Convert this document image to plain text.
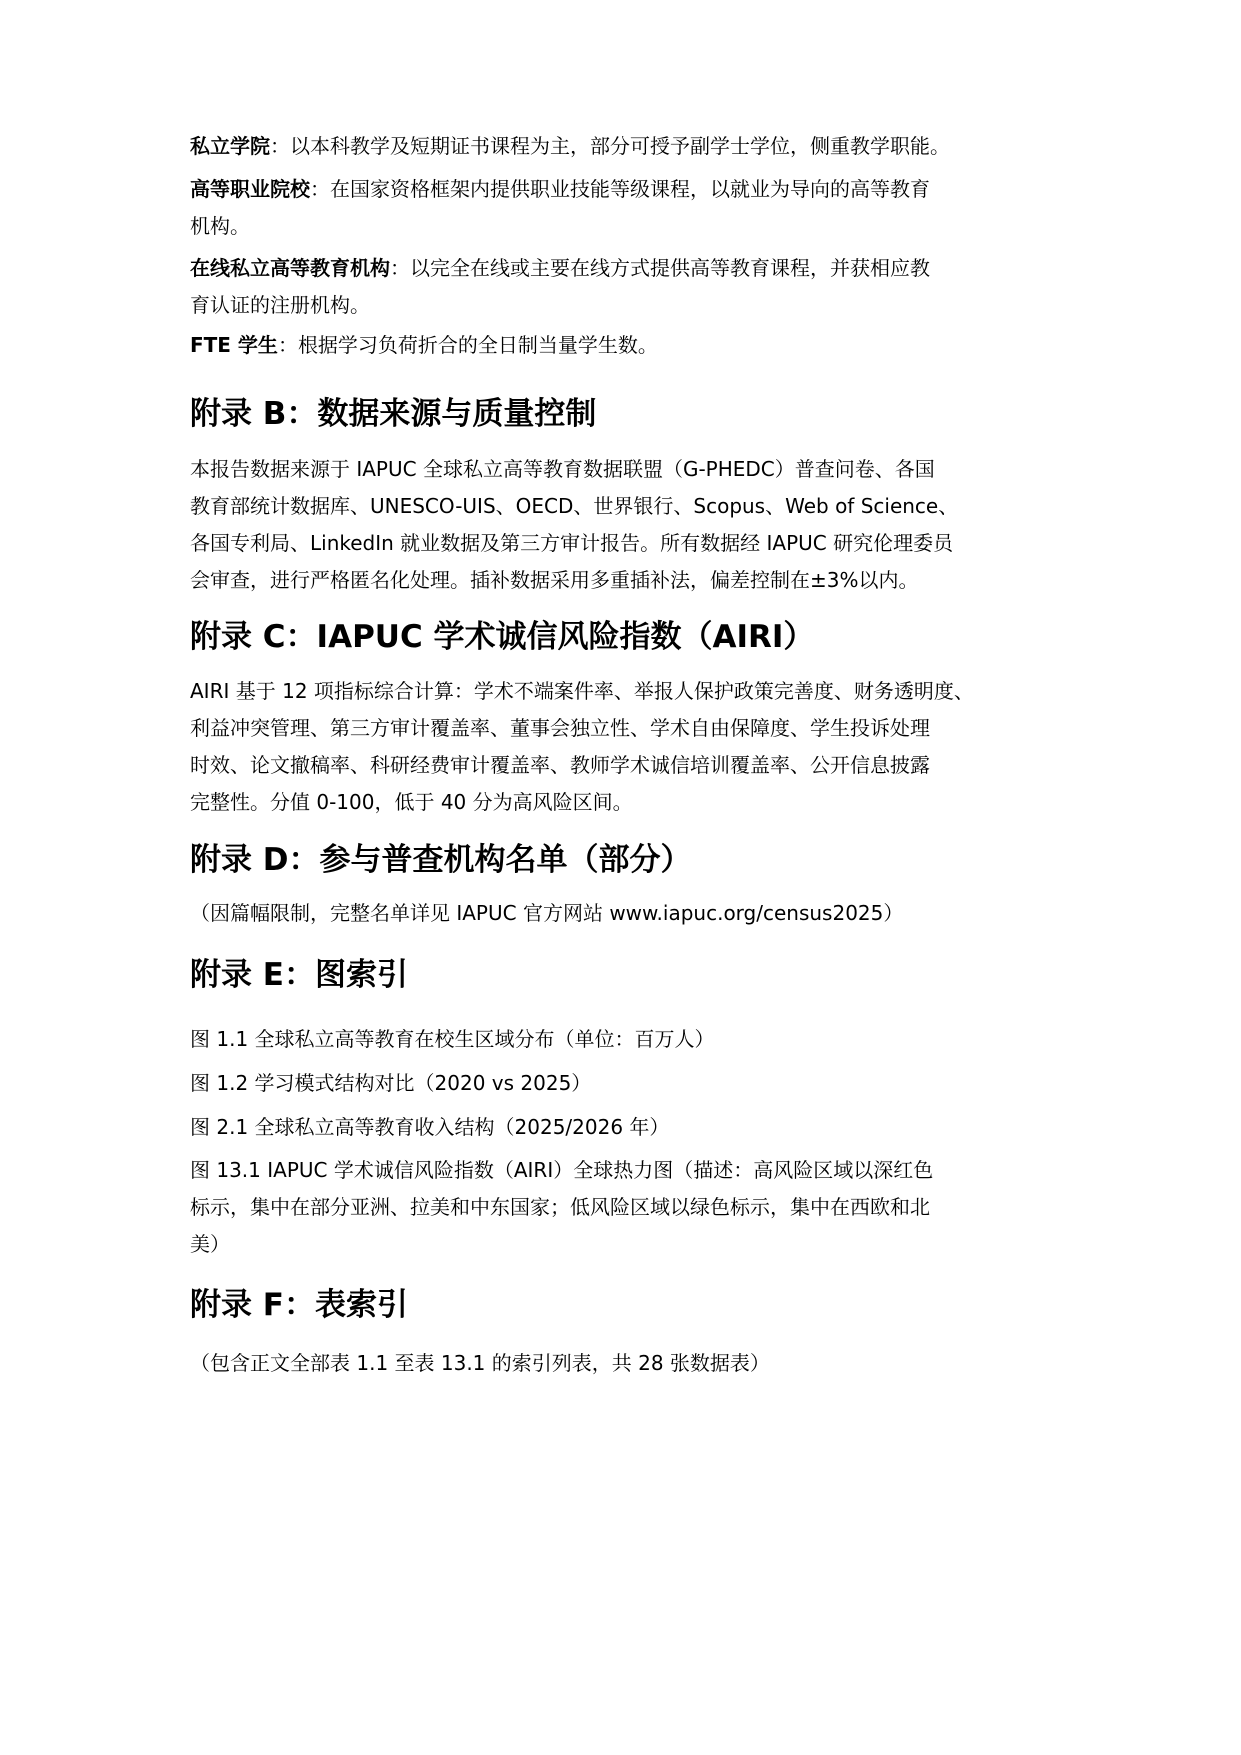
私立学院：以本科教学及短期证书课程为主，部分可授予副学士学位，侧重教学职能。

高等职业院校：在国家资格框架内提供职业技能等级课程，以就业为导向的高等教育
机构。

在线私立高等教育机构：以完全在线或主要在线方式提供高等教育课程，并获相应教
育认证的注册机构。

FTE 学生：根据学习负荷折合的全日制当量学生数。

附录 B：数据来源与质量控制

本报告数据来源于 IAPUC 全球私立高等教育数据联盟（G-PHEDC）普查问卷、各国
教育部统计数据库、UNESCO-UIS、OECD、世界银行、Scopus、Web of Science、
各国专利局、LinkedIn 就业数据及第三方审计报告。所有数据经 IAPUC 研究伦理委员
会审查，进行严格匿名化处理。插补数据采用多重插补法，偏差控制在±3%以内。

附录 C：IAPUC 学术诚信风险指数（AIRI）

AIRI 基于 12 项指标综合计算：学术不端案件率、举报人保护政策完善度、财务透明度、
利益冲突管理、第三方审计覆盖率、董事会独立性、学术自由保障度、学生投诉处理
时效、论文撤稿率、科研经费审计覆盖率、教师学术诚信培训覆盖率、公开信息披露
完整性。分值 0-100，低于 40 分为高风险区间。

附录 D：参与普查机构名单（部分）

（因篇幅限制，完整名单详见 IAPUC 官方网站 www.iapuc.org/census2025）

附录 E：图索引

图 1.1 全球私立高等教育在校生区域分布（单位：百万人）

图 1.2 学习模式结构对比（2020 vs 2025）

图 2.1 全球私立高等教育收入结构（2025/2026 年）

图 13.1 IAPUC 学术诚信风险指数（AIRI）全球热力图（描述：高风险区域以深红色
标示，集中在部分亚洲、拉美和中东国家；低风险区域以绿色标示，集中在西欧和北
美）

附录 F：表索引

（包含正文全部表 1.1 至表 13.1 的索引列表，共 28 张数据表）
